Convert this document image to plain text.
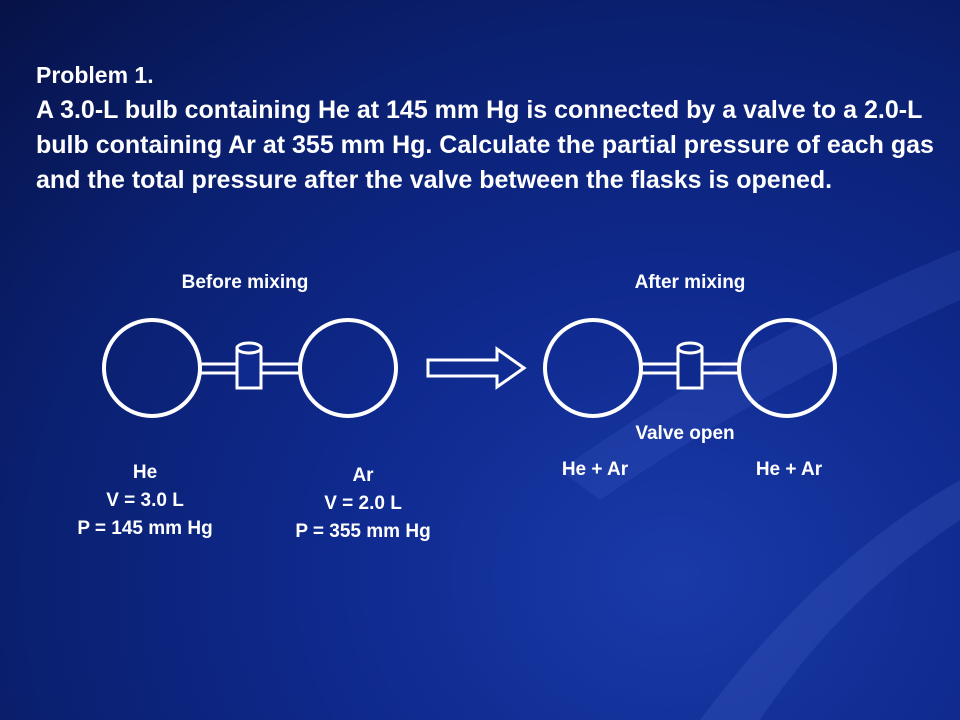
Problem 1.
A 3.0-L bulb containing He at 145 mm Hg is connected by a valve to a 2.0-L bulb containing Ar at 355 mm Hg. Calculate the partial pressure of each gas and the total pressure after the valve between the flasks is opened.
Before mixing	After mixing
Valve open
He
V = 3.0 L
P = 145 mm Hg
Ar
V = 2.0 L
P = 355 mm Hg
He + Ar	He + Ar
